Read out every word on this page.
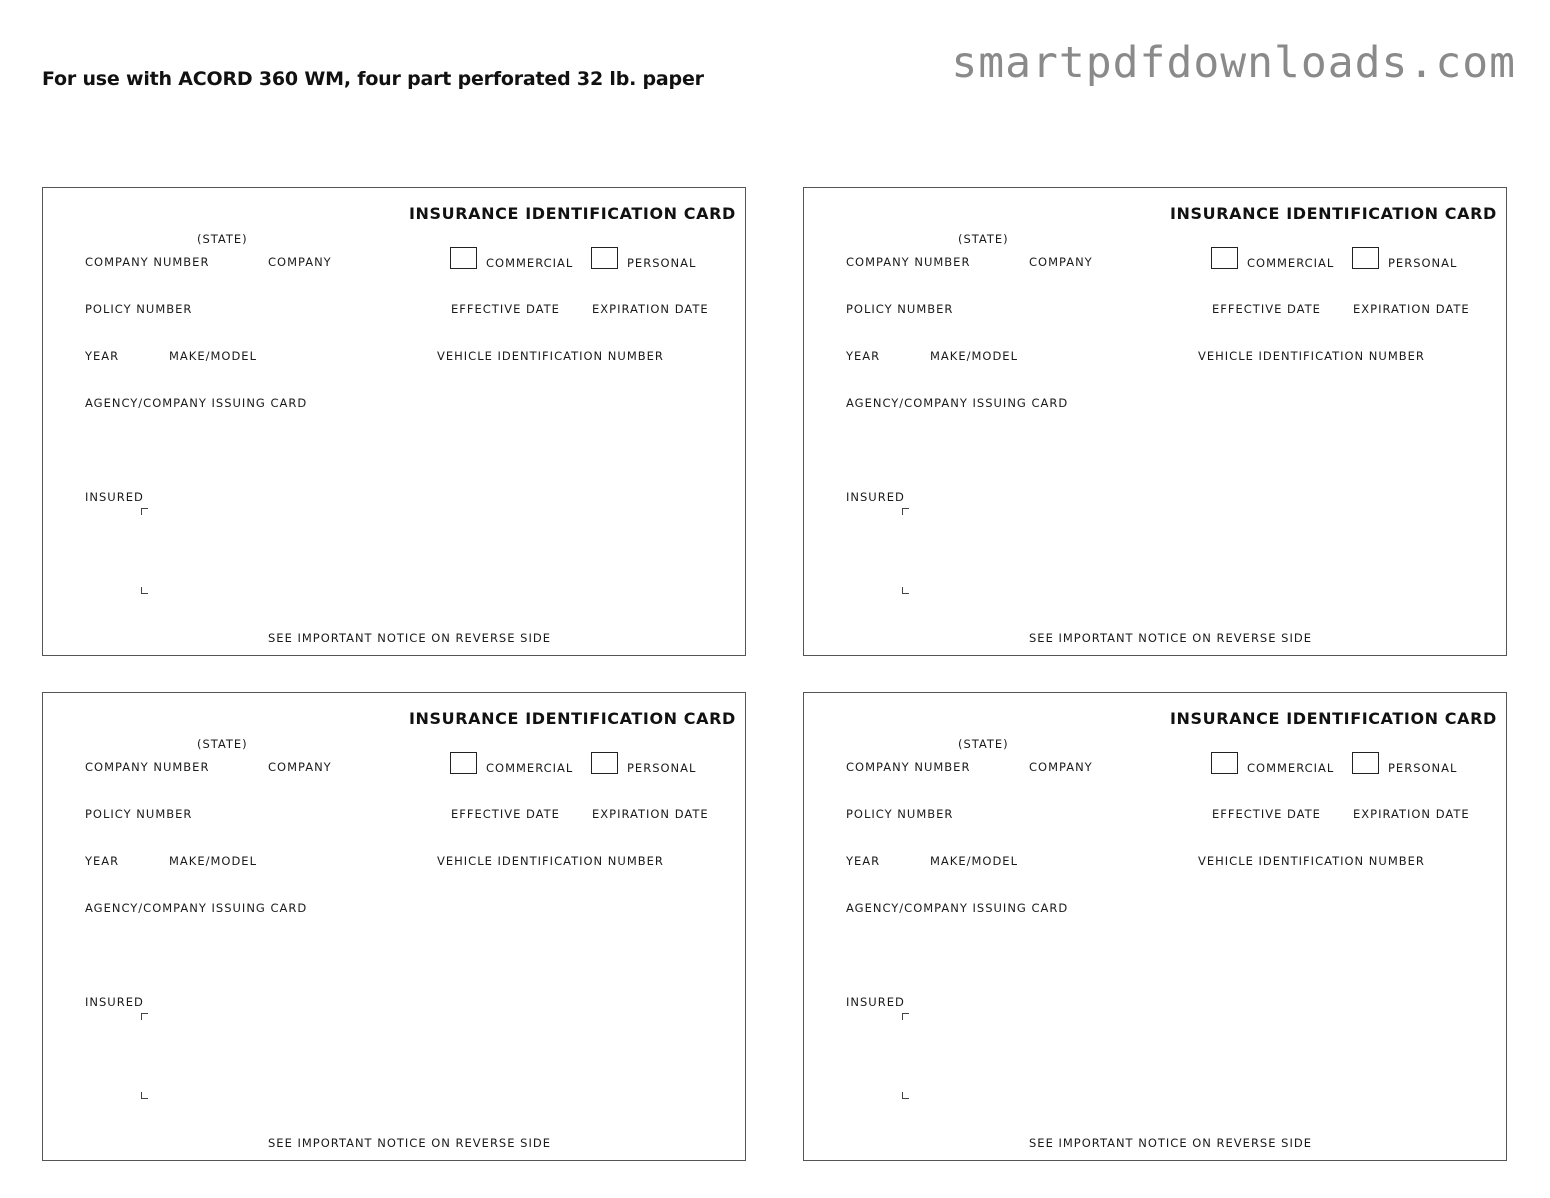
For use with ACORD 360 WM, four part perforated 32 lb. paper	smartpdfdownloads.com
INSURANCE IDENTIFICATION CARD
(STATE)
COMPANY NUMBER	COMPANY	COMMERCIAL	PERSONAL
POLICY NUMBER	EFFECTIVE DATE	EXPIRATION DATE
YEAR	MAKE/MODEL	VEHICLE IDENTIFICATION NUMBER
AGENCY/COMPANY ISSUING CARD
INSURED
SEE IMPORTANT NOTICE ON REVERSE SIDE
INSURANCE IDENTIFICATION CARD
(STATE)
COMPANY NUMBER	COMPANY	COMMERCIAL	PERSONAL
POLICY NUMBER	EFFECTIVE DATE	EXPIRATION DATE
YEAR	MAKE/MODEL	VEHICLE IDENTIFICATION NUMBER
AGENCY/COMPANY ISSUING CARD
INSURED
SEE IMPORTANT NOTICE ON REVERSE SIDE
INSURANCE IDENTIFICATION CARD
(STATE)
COMPANY NUMBER	COMPANY	COMMERCIAL	PERSONAL
POLICY NUMBER	EFFECTIVE DATE	EXPIRATION DATE
YEAR	MAKE/MODEL	VEHICLE IDENTIFICATION NUMBER
AGENCY/COMPANY ISSUING CARD
INSURED
SEE IMPORTANT NOTICE ON REVERSE SIDE
INSURANCE IDENTIFICATION CARD
(STATE)
COMPANY NUMBER	COMPANY	COMMERCIAL	PERSONAL
POLICY NUMBER	EFFECTIVE DATE	EXPIRATION DATE
YEAR	MAKE/MODEL	VEHICLE IDENTIFICATION NUMBER
AGENCY/COMPANY ISSUING CARD
INSURED
SEE IMPORTANT NOTICE ON REVERSE SIDE
